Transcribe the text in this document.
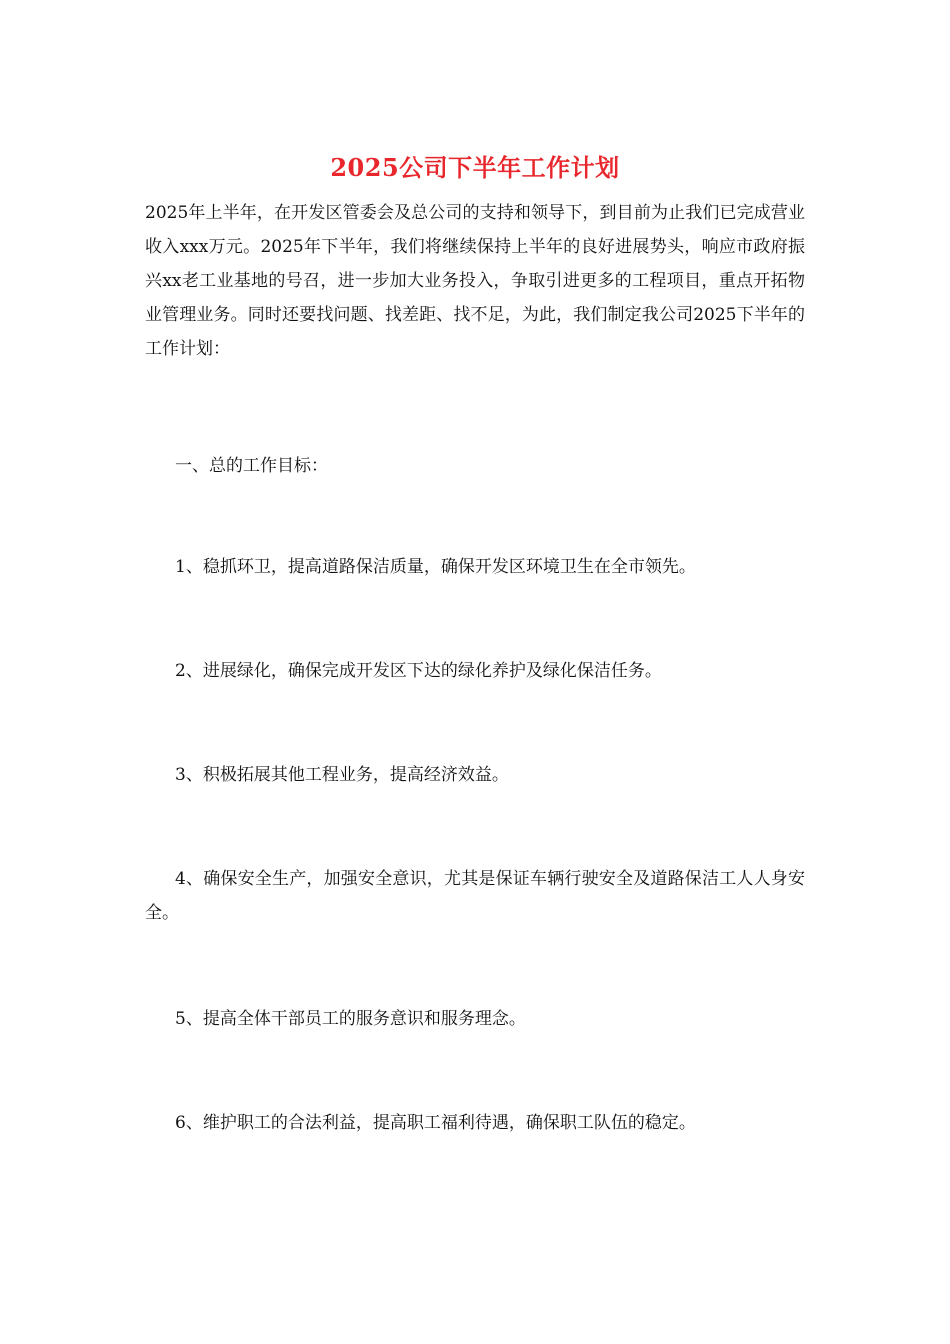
2025公司下半年工作计划

2025年上半年，在开发区管委会及总公司的支持和领导下，到目前为止我们已完成营业收入xxx万元。2025年下半年，我们将继续保持上半年的良好进展势头，响应市政府振兴xx老工业基地的号召，进一步加大业务投入，争取引进更多的工程项目，重点开拓物业管理业务。同时还要找问题、找差距、找不足，为此，我们制定我公司2025下半年的工作计划：

一、总的工作目标：

1、稳抓环卫，提高道路保洁质量，确保开发区环境卫生在全市领先。

2、进展绿化，确保完成开发区下达的绿化养护及绿化保洁任务。

3、积极拓展其他工程业务，提高经济效益。

4、确保安全生产，加强安全意识，尤其是保证车辆行驶安全及道路保洁工人人身安全。

5、提高全体干部员工的服务意识和服务理念。

6、维护职工的合法利益，提高职工福利待遇，确保职工队伍的稳定。
